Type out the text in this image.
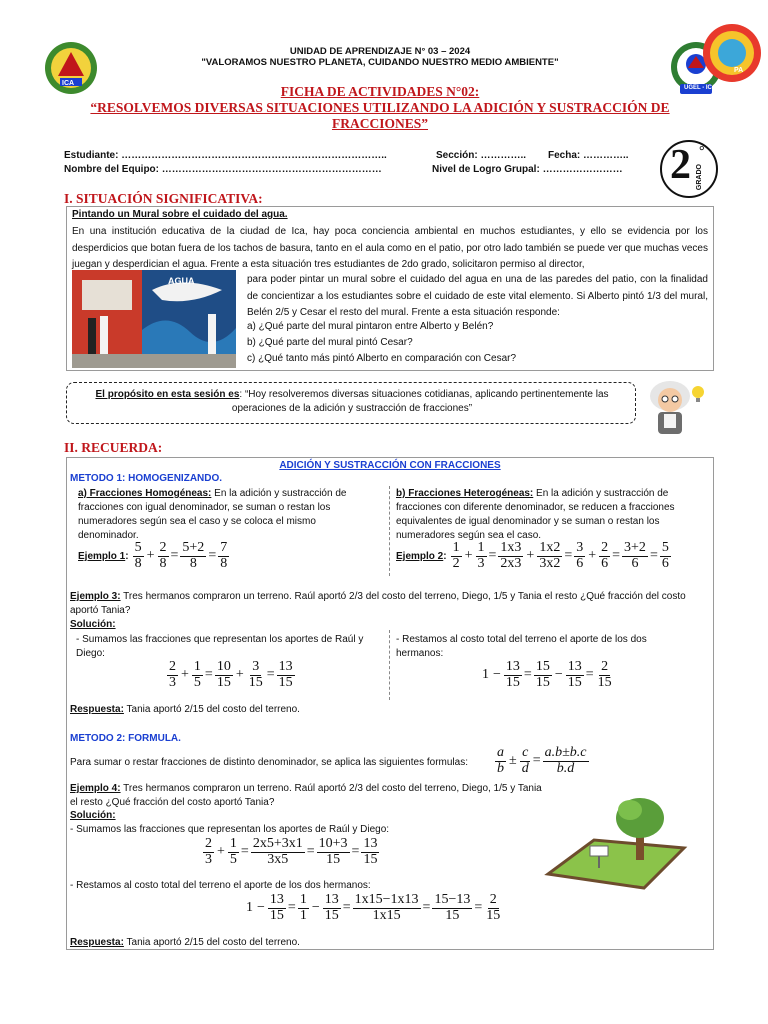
ICA
UNIDAD DE APRENDIZAJE N° 03 – 2024
"VALORAMOS NUESTRO PLANETA, CUIDANDO NUESTRO MEDIO AMBIENTE"
UGEL - ICA
PA
FICHA DE ACTIVIDADES N°02:
“RESOLVEMOS DIVERSAS SITUACIONES UTILIZANDO LA ADICIÓN Y SUSTRACCIÓN DE
FRACCIONES”
Estudiante: ……………………………………………………………………..	Sección: ………….. Fecha: …………..
Nombre del Equipo: …………………………………………………………	Nivel de Logro Grupal: …………………… 2 °
GRADO
I. SITUACIÓN SIGNIFICATIVA:
Pintando un Mural sobre el cuidado del agua.

En una institución educativa de la ciudad de Ica, hay poca conciencia ambiental en muchos estudiantes, y ello se evidencia por los desperdicios que botan fuera de los tachos de basura, tanto en el aula como en el patio, por otro lado también se puede ver que muchas veces juegan y desperdician el agua. Frente a esta situación tres estudiantes de 2do grado, solicitaron permiso al director,

AGUA	para poder pintar un mural sobre el cuidado del agua en una de las paredes del patio, con la finalidad de concientizar a los estudiantes sobre el cuidado de este vital elemento. Si Alberto pintó 1/3 del mural, Belén 2/5 y Cesar el resto del mural. Frente a esta situación responde:

a) ¿Qué parte del mural pintaron entre Alberto y Belén?
b) ¿Qué parte del mural pintó Cesar?
c) ¿Qué tanto más pintó Alberto en comparación con Cesar?
El propósito en esta sesión es: “Hoy resolveremos diversas situaciones cotidianas, aplicando pertinentemente las
operaciones de la adición y sustracción de fracciones”
II. RECUERDA:
ADICIÓN Y SUSTRACCIÓN CON FRACCIONES
METODO 1: HOMOGENIZANDO.
a) Fracciones Homogéneas: En la adición y sustracción de fracciones con igual denominador, se suman o restan los numeradores según sea el caso y se coloca el mismo denominador.
b) Fracciones Heterogéneas: En la adición y sustracción de fracciones con diferente denominador, se reducen a fracciones equivalentes de igual denominador y se suman o restan los numeradores según sea el caso.
Ejemplo 1 : $\frac{5}{8} + \frac{2}{8} = \frac{5+2}{8} = \frac{7}{8}$	Ejemplo 2 : $\frac{1}{2} + \frac{1}{3} = \frac{1x3}{2x3} + \frac{1x2}{3x2} = \frac{3}{6} + \frac{2}{6} = \frac{3+2}{6} = \frac{5}{6}$
Ejemplo 3: Tres hermanos compraron un terreno. Raúl aportó 2/3 del costo del terreno, Diego, 1/5 y Tania el resto ¿Qué fracción del costo aportó Tania?
Solución:
- Sumamos las fracciones que representan los aportes de Raúl y Diego:
- Restamos al costo total del terreno el aporte de los dos hermanos:
$\frac{2}{3} + \frac{1}{5} = \frac{10}{15} + \frac{3}{15} = \frac{13}{15}$	$1 - \frac{13}{15} = \frac{15}{15} - \frac{13}{15} = \frac{2}{15}$
Respuesta: Tania aportó 2/15 del costo del terreno.
METODO 2: FORMULA.
Para sumar o restar fracciones de distinto denominador, se aplica las siguientes formulas: $\frac{a}{b} \pm \frac{c}{d} = \frac{a.b\pm b.c}{b.d}$
Ejemplo 4: Tres hermanos compraron un terreno. Raúl aportó 2/3 del costo del terreno, Diego, 1/5 y Tania el resto ¿Qué fracción del costo aportó Tania?
Solución:
- Sumamos las fracciones que representan los aportes de Raúl y Diego:
$\frac{2}{3} + \frac{1}{5} = \frac{2x5+3x1}{3x5} = \frac{10+3}{15} = \frac{13}{15}$
- Restamos al costo total del terreno el aporte de los dos hermanos:
$1 - \frac{13}{15} = \frac{1}{1} - \frac{13}{15} = \frac{1x15-1x13}{1x15} = \frac{15-13}{15} = \frac{2}{15}$
Respuesta: Tania aportó 2/15 del costo del terreno.
